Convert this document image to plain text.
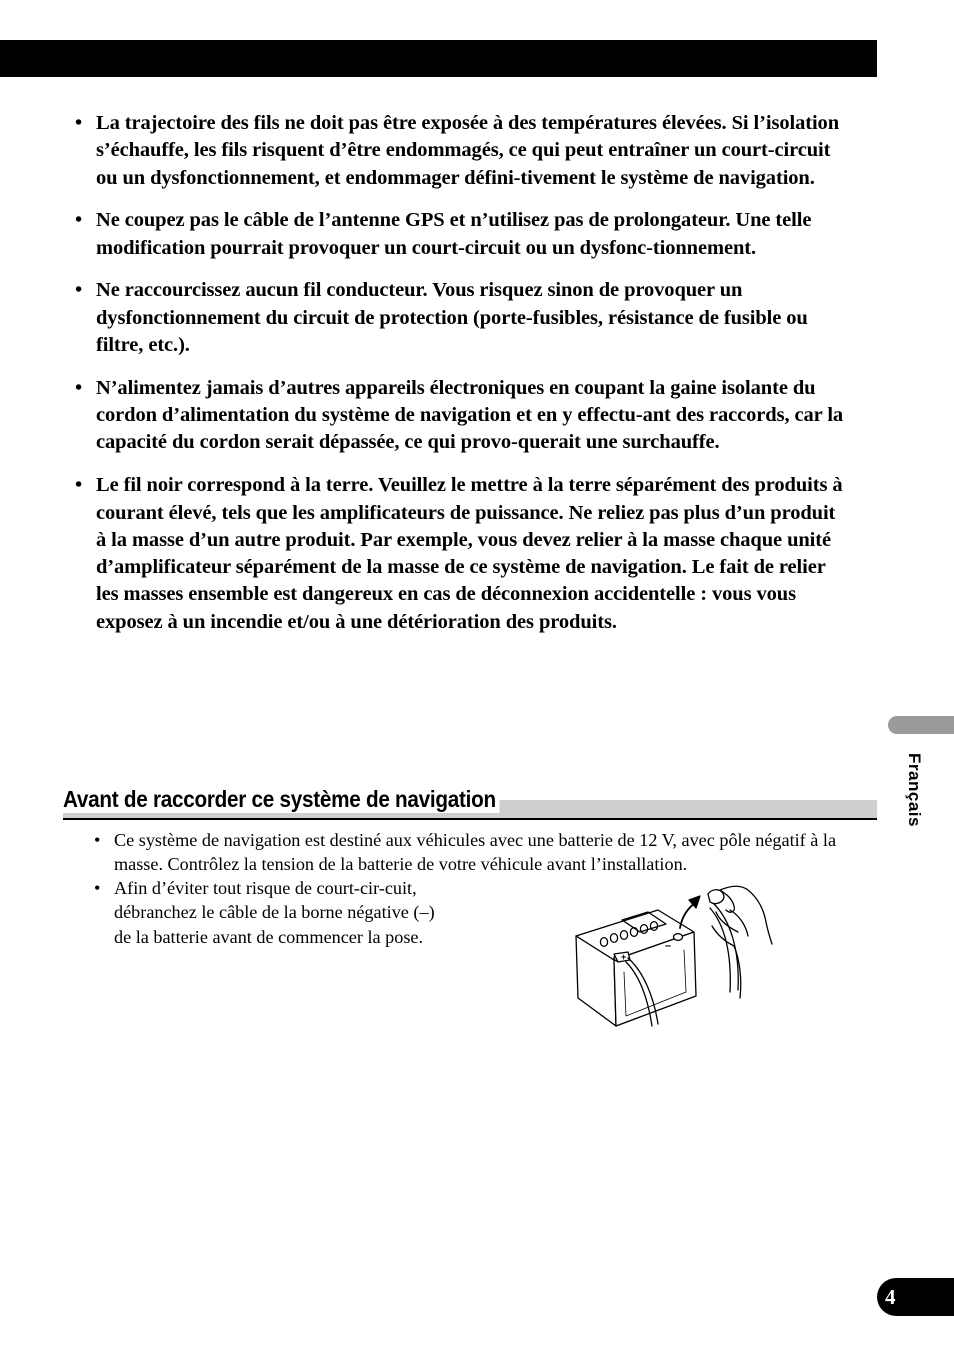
• La trajectoire des fils ne doit pas être exposée à des températures élevées. Si l’isolation s’échauffe, les fils risquent d’être endommagés, ce qui peut entraîner un court-circuit ou un dysfonctionnement, et endommager défini-tivement le système de navigation.
• Ne coupez pas le câble de l’antenne GPS et n’utilisez pas de prolongateur. Une telle modification pourrait provoquer un court-circuit ou un dysfonc-tionnement.
• Ne raccourcissez aucun fil conducteur. Vous risquez sinon de provoquer un dysfonctionnement du circuit de protection (porte-fusibles, résistance de fusible ou filtre, etc.).
• N’alimentez jamais d’autres appareils électroniques en coupant la gaine isolante du cordon d’alimentation du système de navigation et en y effectu-ant des raccords, car la capacité du cordon serait dépassée, ce qui provo-querait une surchauffe.
• Le fil noir correspond à la terre. Veuillez le mettre à la terre séparément des produits à courant élevé, tels que les amplificateurs de puissance. Ne reliez pas plus d’un produit à la masse d’un autre produit. Par exemple, vous devez relier à la masse chaque unité d’amplificateur séparément de la masse de ce système de navigation. Le fait de relier les masses ensemble est dangereux en cas de déconnexion accidentelle : vous vous exposez à un incendie et/ou à une détérioration des produits.
Avant de raccorder ce système de navigation
• Ce système de navigation est destiné aux véhicules avec une batterie de 12 V, avec pôle négatif à la masse. Contrôlez la tension de la batterie de votre véhicule avant l’installation.
• Afin d’éviter tout risque de court-cir-cuit, débranchez le câble de la borne négative (–) de la batterie avant de commencer la pose.
+
–
Français
4
